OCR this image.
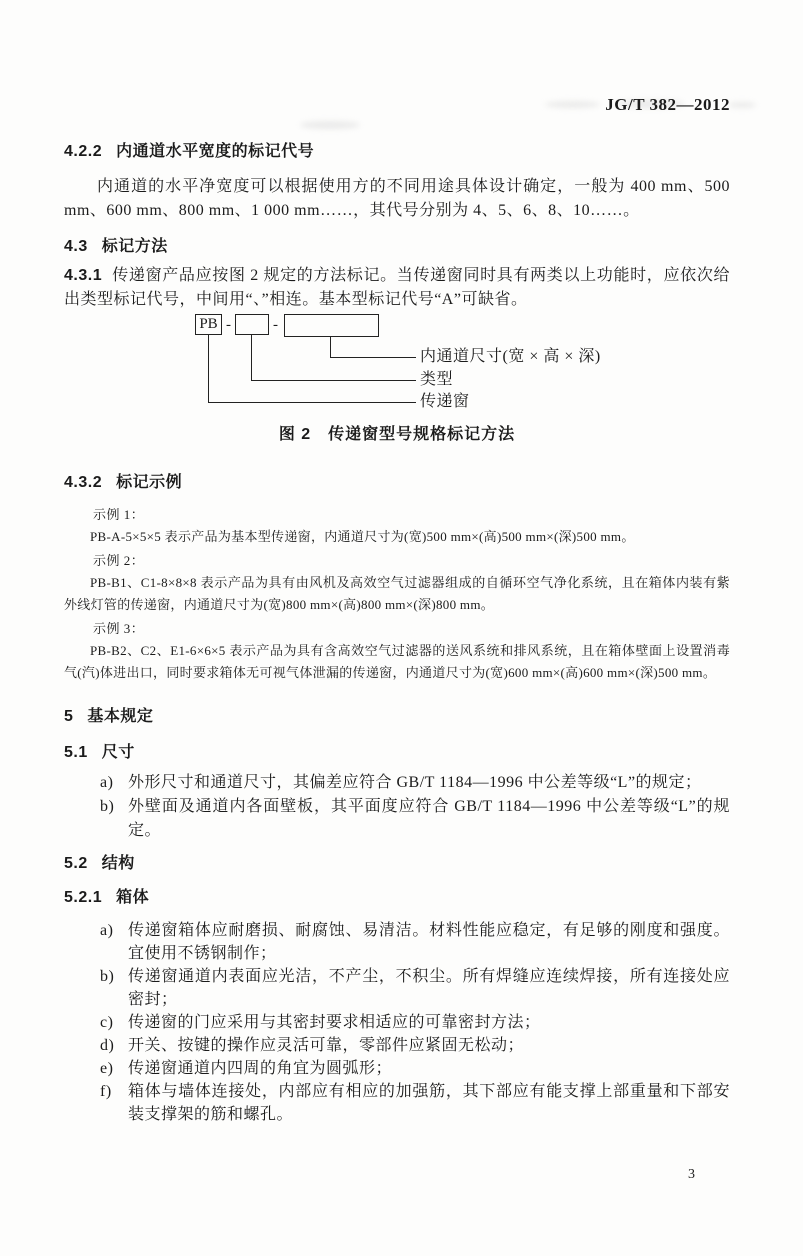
JG/T 382—2012
4.2.2 内通道水平宽度的标记代号

内通道的水平净宽度可以根据使用方的不同用途具体设计确定，一般为 400 mm、500 mm、600 mm、800 mm、1 000 mm……，其代号分别为 4、5、6、8、10……。

4.3 标记方法

4.3.1 传递窗产品应按图 2 规定的方法标记。当传递窗同时具有两类以上功能时，应依次给出类型标记代号，中间用“、”相连。基本型标记代号“A”可缺省。

PB -	-
内通道尺寸(宽 × 高 × 深)
类型
传递窗
图 2　传递窗型号规格标记方法
4.3.2 标记示例

示例 1：

PB-A-5×5×5 表示产品为基本型传递窗，内通道尺寸为(宽)500 mm×(高)500 mm×(深)500 mm。

示例 2：

PB-B1、C1-8×8×8 表示产品为具有由风机及高效空气过滤器组成的自循环空气净化系统，且在箱体内装有紫外线灯管的传递窗，内通道尺寸为(宽)800 mm×(高)800 mm×(深)800 mm。

示例 3：

PB-B2、C2、E1-6×6×5 表示产品为具有含高效空气过滤器的送风系统和排风系统，且在箱体壁面上设置消毒气(汽)体进出口，同时要求箱体无可视气体泄漏的传递窗，内通道尺寸为(宽)600 mm×(高)600 mm×(深)500 mm。

5 基本规定
5.1 尺寸

a) 外形尺寸和通道尺寸，其偏差应符合 GB/T 1184—1996 中公差等级“L”的规定；

b) 外壁面及通道内各面壁板，其平面度应符合 GB/T 1184—1996 中公差等级“L”的规定。

5.2 结构
5.2.1 箱体

a) 传递窗箱体应耐磨损、耐腐蚀、易清洁。材料性能应稳定，有足够的刚度和强度。宜使用不锈钢制作；

b) 传递窗通道内表面应光洁，不产尘，不积尘。所有焊缝应连续焊接，所有连接处应密封；

c) 传递窗的门应采用与其密封要求相适应的可靠密封方法；

d) 开关、按键的操作应灵活可靠，零部件应紧固无松动；

e) 传递窗通道内四周的角宜为圆弧形；

f) 箱体与墙体连接处，内部应有相应的加强筋，其下部应有能支撑上部重量和下部安装支撑架的筋和螺孔。

3
